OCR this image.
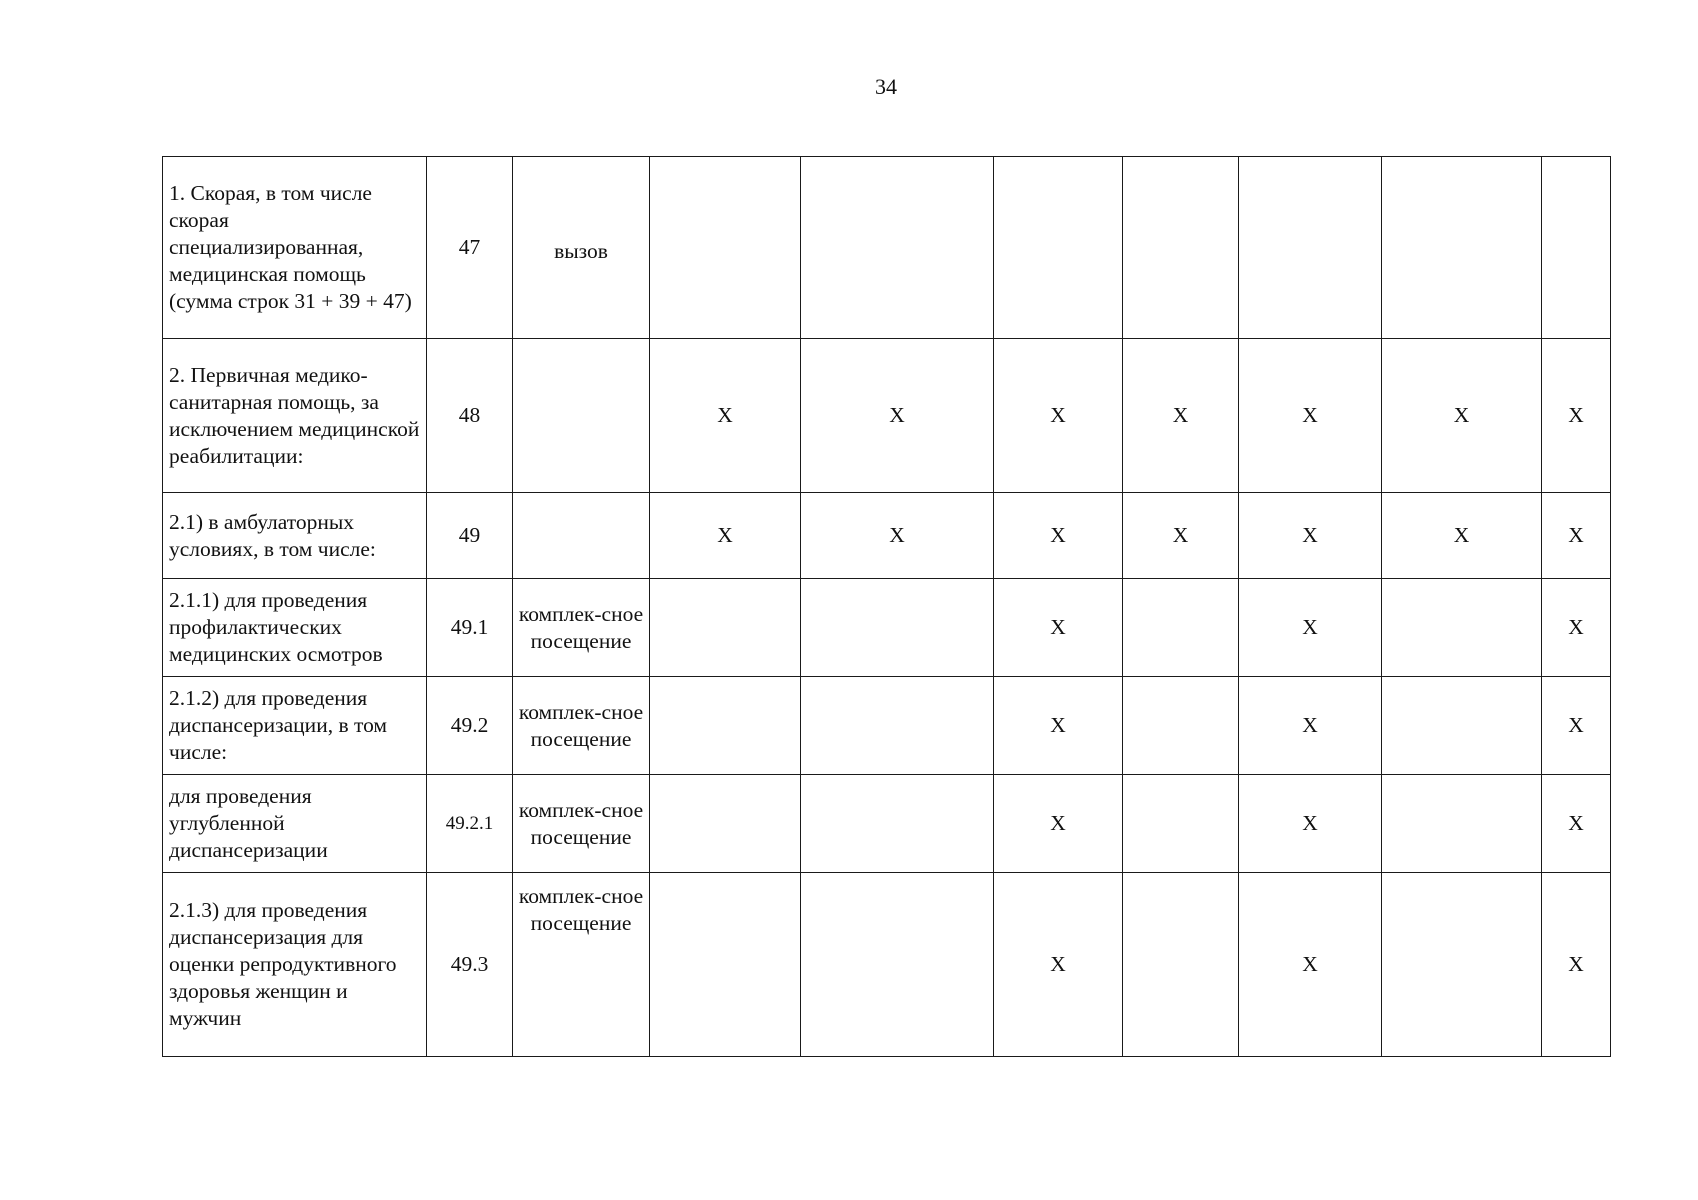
34
1. Скорая, в том числе скорая специализированная, медицинская помощь (сумма строк 31 + 39 + 47)	47	вызов							
2. Первичная медико-санитарная помощь, за исключением медицинской реабилитации:	48		X	X	X	X	X	X	X
2.1) в амбулаторных условиях, в том числе:	49		X	X	X	X	X	X	X
2.1.1) для проведения профилактических медицинских осмотров	49.1	комплек-сное посещение			X		X		X
2.1.2) для проведения диспансеризации, в том числе:	49.2	комплек-сное посещение			X		X		X
для проведения углубленной диспансеризации	49.2.1	комплек-сное посещение			X		X		X
2.1.3) для проведения диспансеризация для оценки репродуктивного здоровья женщин и мужчин	49.3	комплек-сное посещение			X		X		X
